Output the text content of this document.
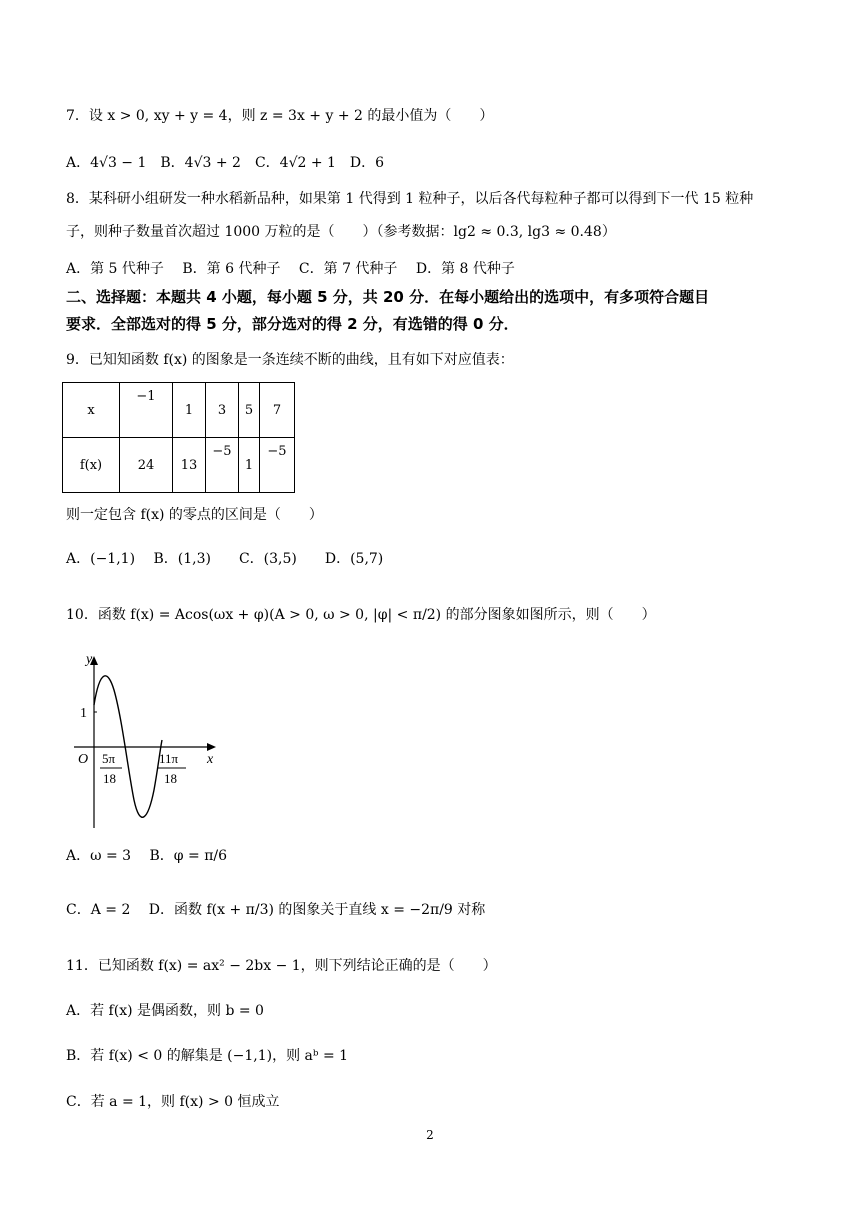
7．设 x > 0, xy + y = 4，则 z = 3x + y + 2 的最小值为（　　）
A．4√3 − 1　B．4√3 + 2　C．4√2 + 1　D．6
8．某科研小组研发一种水稻新品种，如果第 1 代得到 1 粒种子，以后各代每粒种子都可以得到下一代 15 粒种
子，则种子数量首次超过 1000 万粒的是（　　）（参考数据：lg2 ≈ 0.3, lg3 ≈ 0.48）
A．第 5 代种子　 B．第 6 代种子　 C．第 7 代种子　 D．第 8 代种子
二、选择题：本题共 4 小题，每小题 5 分，共 20 分．在每小题给出的选项中，有多项符合题目
要求．全部选对的得 5 分，部分选对的得 2 分，有选错的得 0 分．
9．已知知函数 f(x) 的图象是一条连续不断的曲线，且有如下对应值表：
x	−1	1	3	5	7
f(x)	24	13	−5	1	−5
则一定包含 f(x) 的零点的区间是（　　）
A．(−1,1)　 B．(1,3)　　C．(3,5)　　D．(5,7)
10．函数 f(x) = Acos(ωx + φ)(A > 0, ω > 0, |φ| < π/2) 的部分图象如图所示，则（　　）
1
y
x
O 5π
18
11π
18
A．ω = 3　 B．φ = π/6
C．A = 2　 D．函数 f(x + π/3) 的图象关于直线 x = −2π/9 对称
11．已知函数 f(x) = ax² − 2bx − 1，则下列结论正确的是（　　）
A．若 f(x) 是偶函数，则 b = 0
B．若 f(x) < 0 的解集是 (−1,1)，则 aᵇ = 1
C．若 a = 1，则 f(x) > 0 恒成立
2
